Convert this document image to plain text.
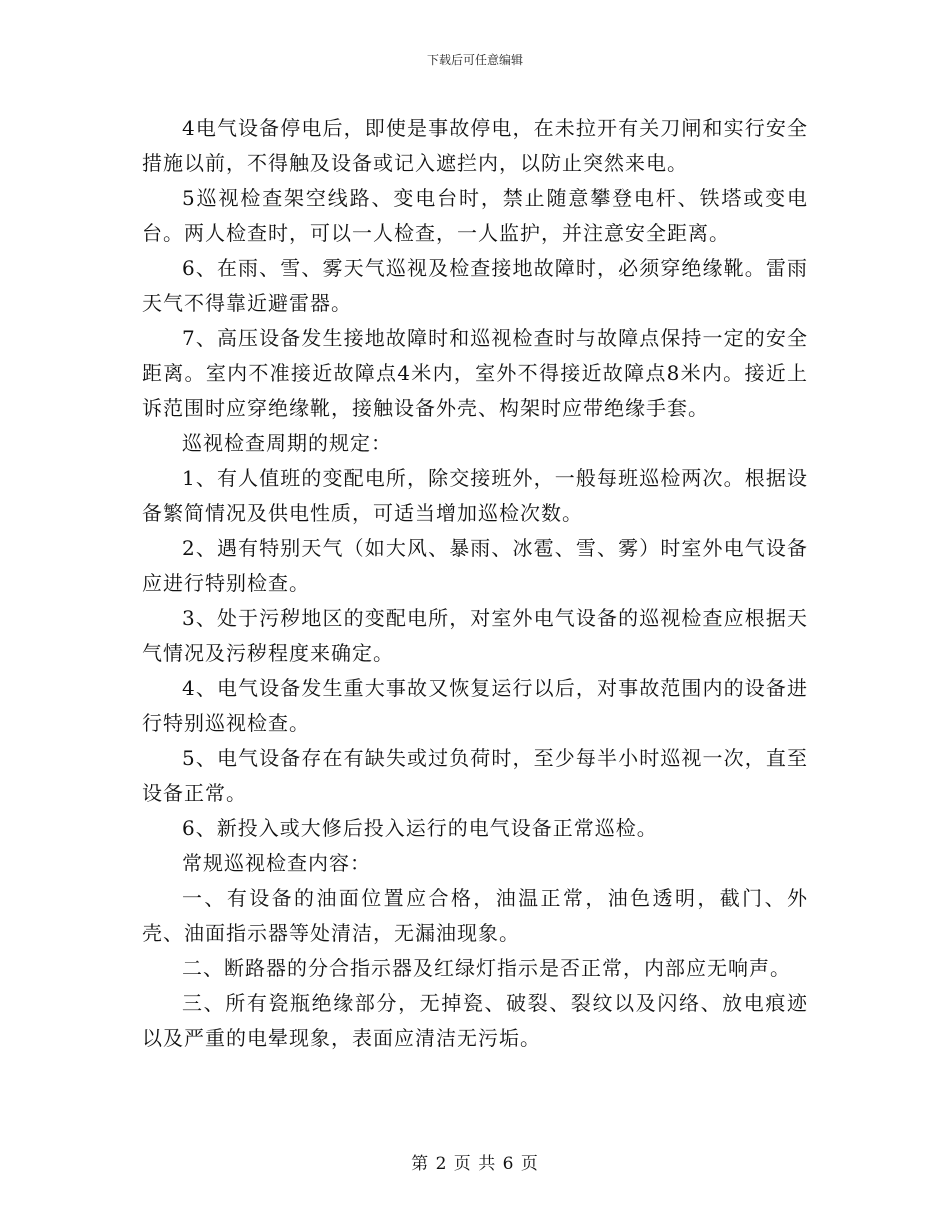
下载后可任意编辑

4电气设备停电后，即使是事故停电，在未拉开有关刀闸和实行安全措施以前，不得触及设备或记入遮拦内，以防止突然来电。

5巡视检查架空线路、变电台时，禁止随意攀登电杆、铁塔或变电台。两人检查时，可以一人检查，一人监护，并注意安全距离。

6、在雨、雪、雾天气巡视及检查接地故障时，必须穿绝缘靴。雷雨天气不得靠近避雷器。

7、高压设备发生接地故障时和巡视检查时与故障点保持一定的安全距离。室内不准接近故障点4米内，室外不得接近故障点8米内。接近上诉范围时应穿绝缘靴，接触设备外壳、构架时应带绝缘手套。

巡视检查周期的规定：

1、有人值班的变配电所，除交接班外，一般每班巡检两次。根据设备繁简情况及供电性质，可适当增加巡检次数。

2、遇有特别天气（如大风、暴雨、冰雹、雪、雾）时室外电气设备应进行特别检查。

3、处于污秽地区的变配电所，对室外电气设备的巡视检查应根据天气情况及污秽程度来确定。

4、电气设备发生重大事故又恢复运行以后，对事故范围内的设备进行特别巡视检查。

5、电气设备存在有缺失或过负荷时，至少每半小时巡视一次，直至设备正常。

6、新投入或大修后投入运行的电气设备正常巡检。

常规巡视检查内容：

一、有设备的油面位置应合格，油温正常，油色透明，截门、外壳、油面指示器等处清洁，无漏油现象。

二、断路器的分合指示器及红绿灯指示是否正常，内部应无响声。

三、所有瓷瓶绝缘部分，无掉瓷、破裂、裂纹以及闪络、放电痕迹以及严重的电晕现象，表面应清洁无污垢。

第 2 页 共 6 页
